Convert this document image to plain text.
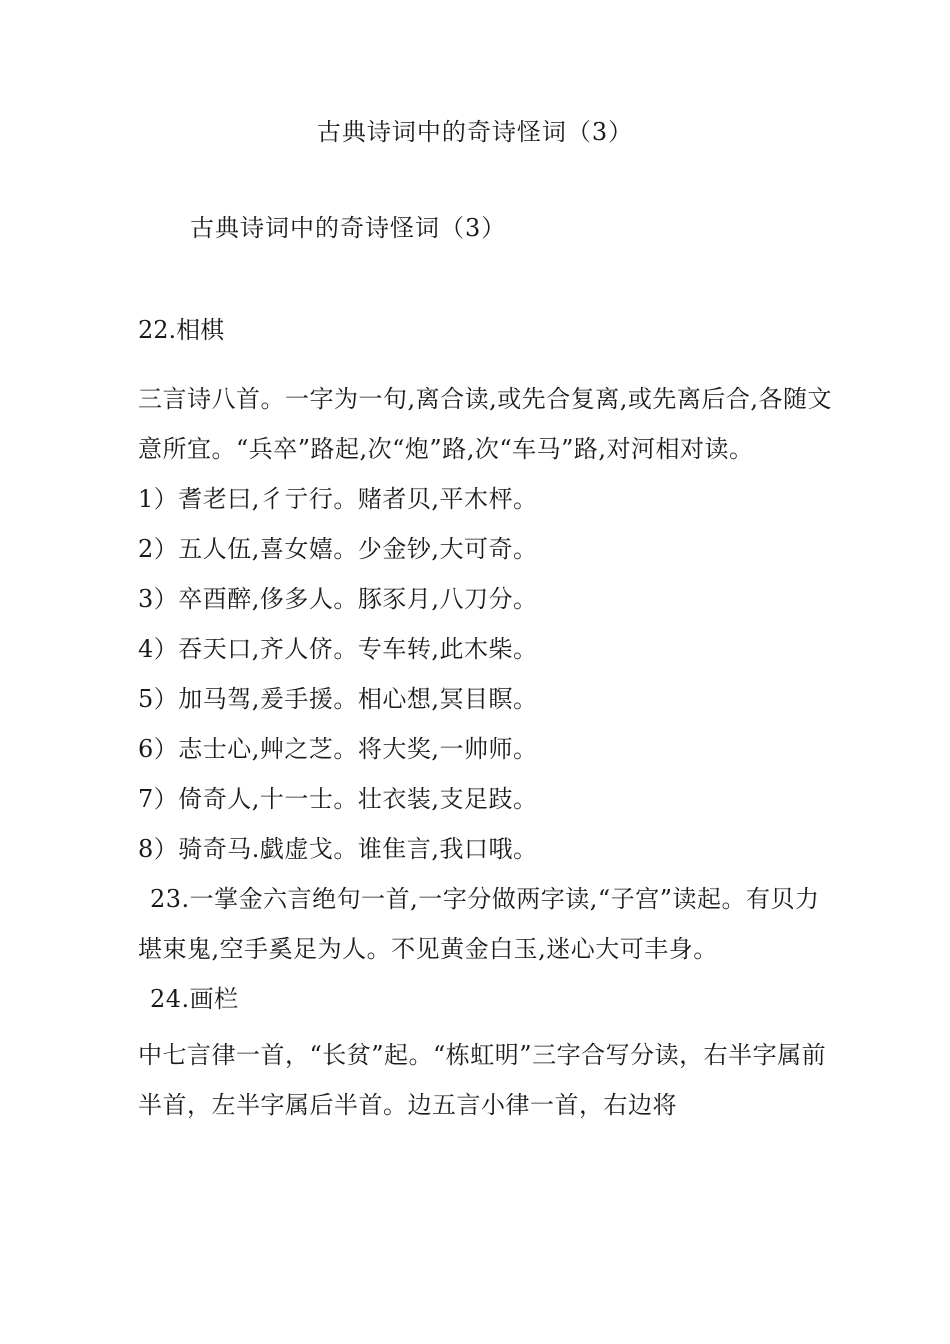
古典诗词中的奇诗怪词（3）
古典诗词中的奇诗怪词（3）

22.相棋

三言诗八首。一字为一句,离合读,或先合复离,或先离后合,各随文意所宜。“兵卒”路起,次“炮”路,次“车马”路,对河相对读。

1）耆老曰,彳亍行。赌者贝,平木枰。

2）五人伍,喜女嬉。少金钞,大可奇。

3）卒酉醉,侈多人。豚豕月,八刀分。

4）吞天口,齐人侪。专车转,此木柴。

5）加马驾,爰手援。相心想,冥目瞑。

6）志士心,艸之芝。将大奖,一帅师。

7）倚奇人,十一士。壮衣装,支足跂。

8）骑奇马.戯虚戈。谁隹言,我口哦。

23.一掌金六言绝句一首,一字分做两字读,“子宫”读起。有贝力堪束鬼,空手奚足为人。不见黄金白玉,迷心大可丰身。

24.画栏

中七言律一首，“长贫”起。“栋虹明”三字合写分读，右半字属前半首，左半字属后半首。边五言小律一首，右边将
